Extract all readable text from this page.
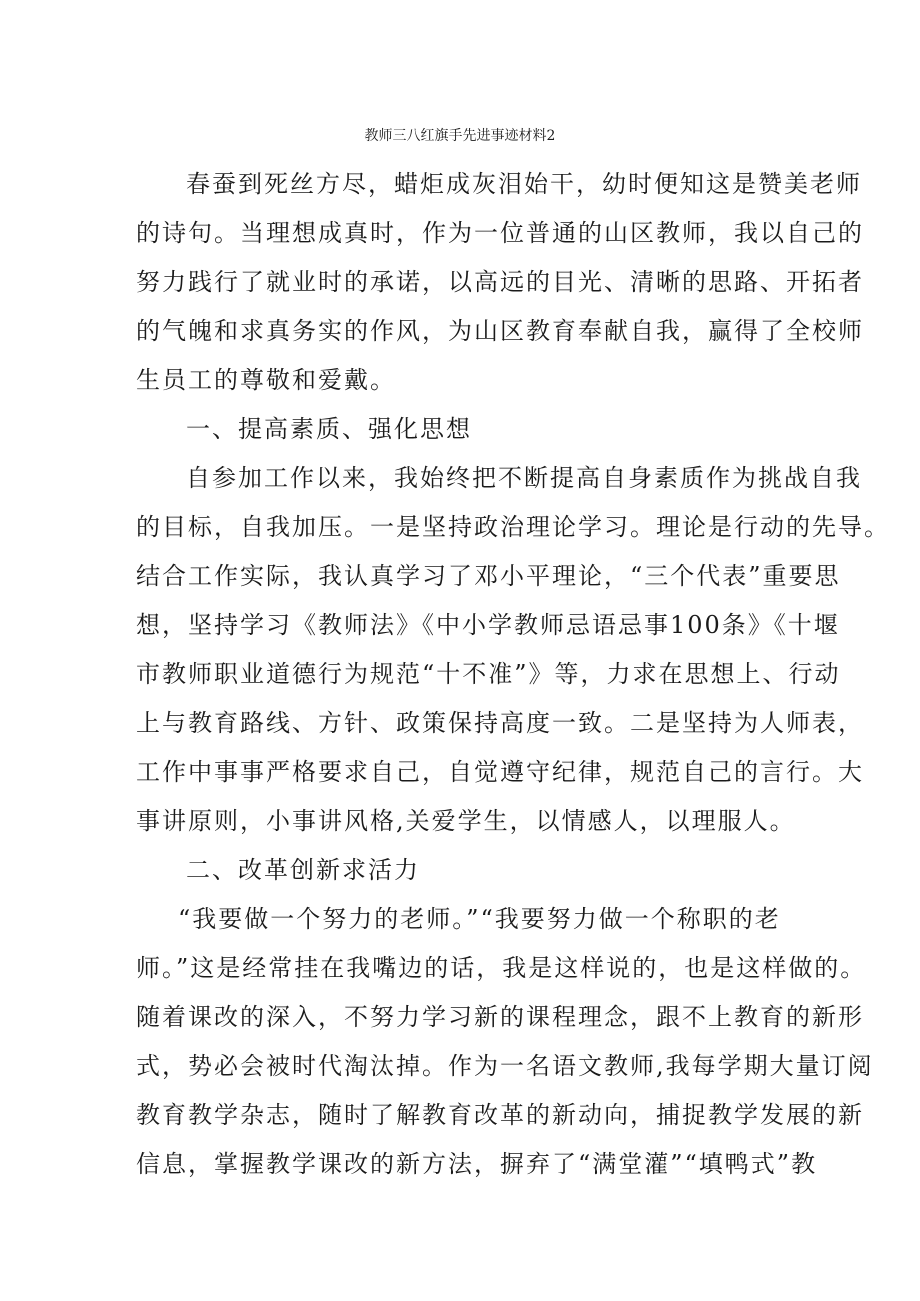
教师三八红旗手先进事迹材料2
春蚕到死丝方尽，蜡炬成灰泪始干，幼时便知这是赞美老师
的诗句。当理想成真时，作为一位普通的山区教师，我以自己的
努力践行了就业时的承诺，以高远的目光、清晰的思路、开拓者
的气魄和求真务实的作风，为山区教育奉献自我，赢得了全校师
生员工的尊敬和爱戴。
一、提高素质、强化思想
自参加工作以来，我始终把不断提高自身素质作为挑战自我
的目标，自我加压。一是坚持政治理论学习。理论是行动的先导。
结合工作实际，我认真学习了邓小平理论，“三个代表”重要思
想，坚持学习《教师法》《中小学教师忌语忌事100条》《十堰
市教师职业道德行为规范“十不准”》等，力求在思想上、行动
上与教育路线、方针、政策保持高度一致。二是坚持为人师表，
工作中事事严格要求自己，自觉遵守纪律，规范自己的言行。大
事讲原则，小事讲风格,关爱学生，以情感人，以理服人。
二、改革创新求活力
“我要做一个努力的老师。”“我要努力做一个称职的老
师。”这是经常挂在我嘴边的话，我是这样说的，也是这样做的。
随着课改的深入，不努力学习新的课程理念，跟不上教育的新形
式，势必会被时代淘汰掉。作为一名语文教师,我每学期大量订阅
教育教学杂志，随时了解教育改革的新动向，捕捉教学发展的新
信息，掌握教学课改的新方法，摒弃了“满堂灌”“填鸭式”教
